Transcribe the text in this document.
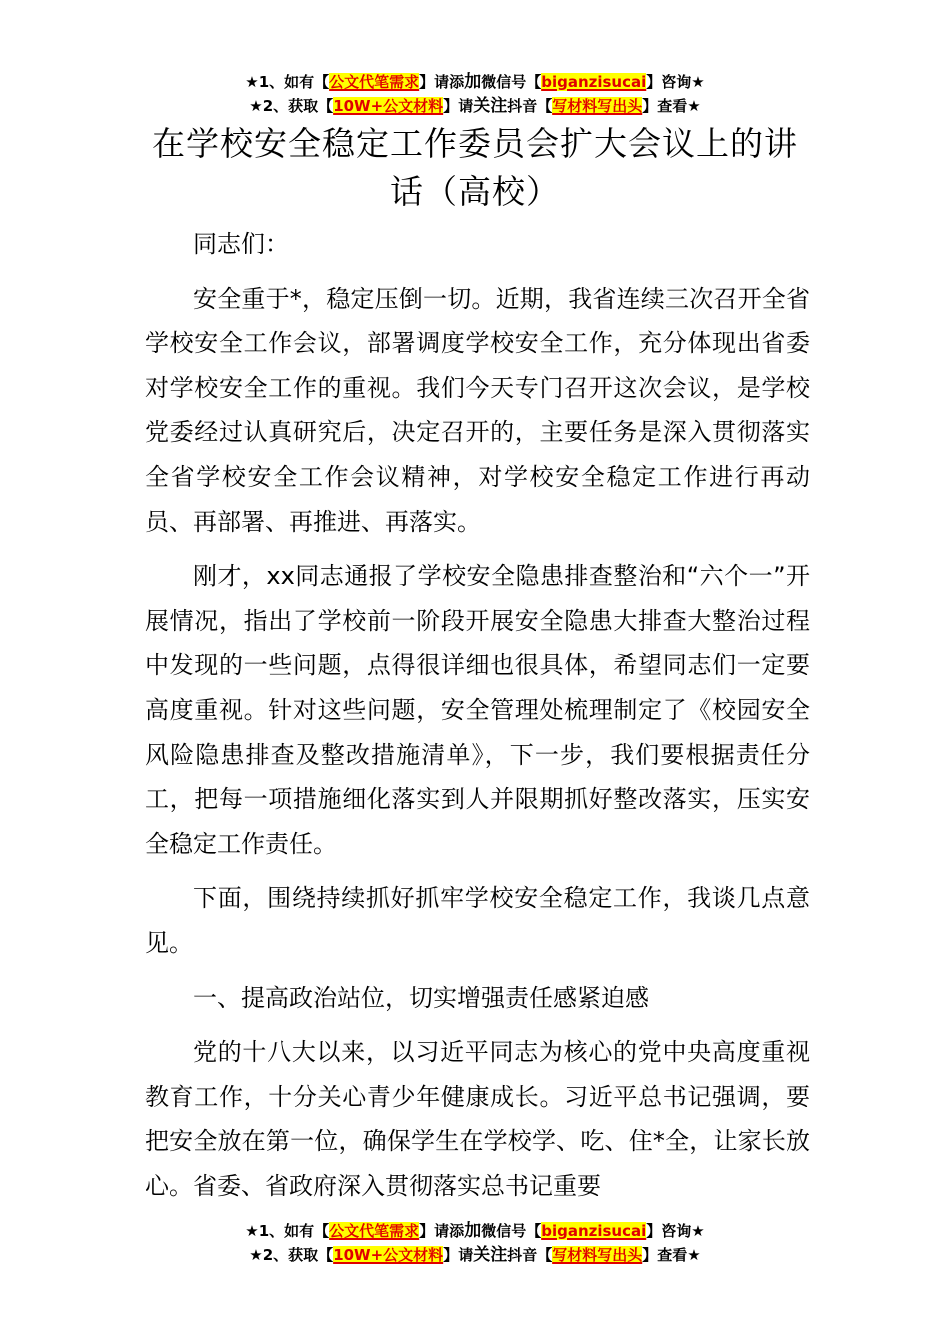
★1、如有【公文代笔需求】请添加微信号【biganzisucai】咨询★
★2、获取【10W+公文材料】请关注抖音【写材料写出头】查看★
在学校安全稳定工作委员会扩大会议上的讲话（高校）

同志们：

安全重于*，稳定压倒一切。近期，我省连续三次召开全省学校安全工作会议，部署调度学校安全工作，充分体现出省委对学校安全工作的重视。我们今天专门召开这次会议，是学校党委经过认真研究后，决定召开的，主要任务是深入贯彻落实全省学校安全工作会议精神，对学校安全稳定工作进行再动员、再部署、再推进、再落实。

刚才，xx同志通报了学校安全隐患排查整治和“六个一”开展情况，指出了学校前一阶段开展安全隐患大排查大整治过程中发现的一些问题，点得很详细也很具体，希望同志们一定要高度重视。针对这些问题，安全管理处梳理制定了《校园安全风险隐患排查及整改措施清单》，下一步，我们要根据责任分工，把每一项措施细化落实到人并限期抓好整改落实，压实安全稳定工作责任。

下面，围绕持续抓好抓牢学校安全稳定工作，我谈几点意见。

一、提高政治站位，切实增强责任感紧迫感

党的十八大以来，以习近平同志为核心的党中央高度重视教育工作，十分关心青少年健康成长。习近平总书记强调，要把安全放在第一位，确保学生在学校学、吃、住*全，让家长放心。省委、省政府深入贯彻落实总书记重要

★1、如有【公文代笔需求】请添加微信号【biganzisucai】咨询★
★2、获取【10W+公文材料】请关注抖音【写材料写出头】查看★
